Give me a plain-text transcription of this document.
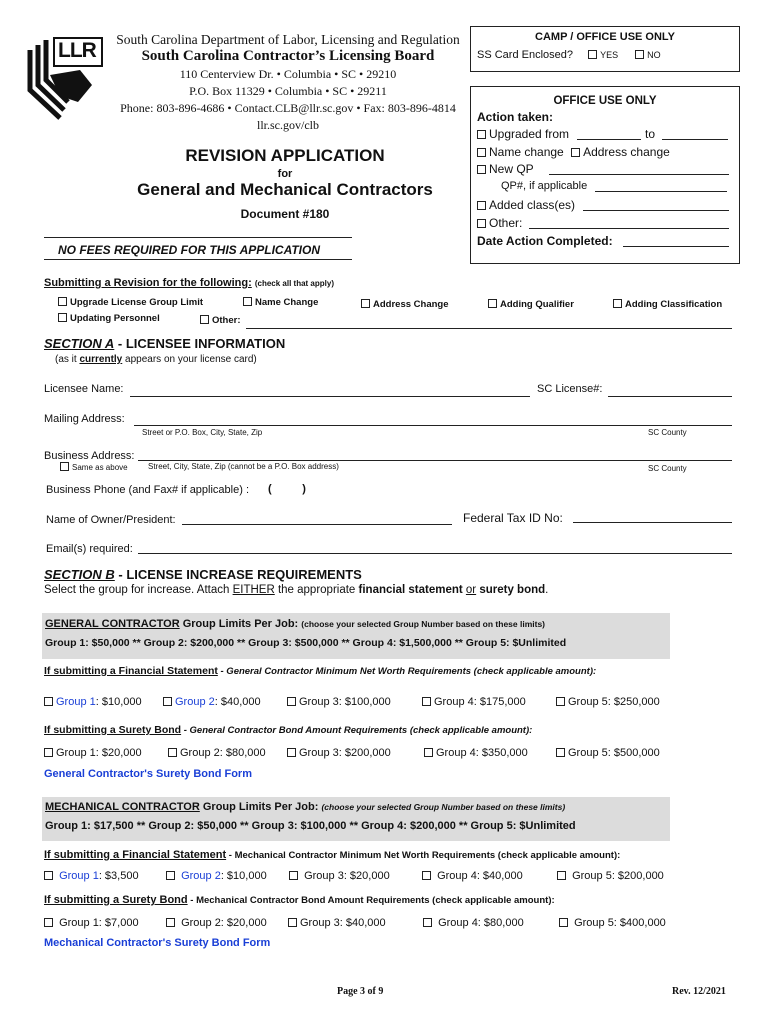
LLR	South Carolina Department of Labor, Licensing and Regulation
South Carolina Contractor’s Licensing Board
110 Centerview Dr. • Columbia • SC • 29210
P.O. Box 11329 • Columbia • SC • 29211
Phone: 803-896-4686 • Contact.CLB@llr.sc.gov • Fax: 803-896-4814
llr.sc.gov/clb
CAMP / OFFICE USE ONLY
SS Card Enclosed?	YES	NO
OFFICE USE ONLY
Action taken:
Upgraded from	to
Name change Address change
New QP
QP#, if applicable
Added class(es)
Other:
Date Action Completed:
REVISION APPLICATION
for
General and Mechanical Contractors
Document #180
NO FEES REQUIRED FOR THIS APPLICATION
Submitting a Revision for the following: (check all that apply)
Upgrade License Group Limit	Name Change	Address Change	Adding Qualifier	Adding Classification
Updating Personnel	Other:
SECTION A - LICENSEE INFORMATION
(as it currently appears on your license card)
Licensee Name:	SC License#:
Mailing Address:
Street or P.O. Box, City, State, Zip	SC County
Business Address:
Same as above	Street, City, State, Zip (cannot be a P.O. Box address)	SC County
Business Phone (and Fax# if applicable) : (          )
Name of Owner/President:	Federal Tax ID No:
Email(s) required:
SECTION B - LICENSE INCREASE REQUIREMENTS
Select the group for increase. Attach EITHER the appropriate financial statement or surety bond.
GENERAL CONTRACTOR Group Limits Per Job: (choose your selected Group Number based on these limits)
Group 1: $50,000 ** Group 2: $200,000 ** Group 3: $500,000 ** Group 4: $1,500,000 ** Group 5: $Unlimited
If submitting a Financial Statement - General Contractor Minimum Net Worth Requirements (check applicable amount):
Group 1: $10,000	Group 2: $40,000	Group 3: $100,000	Group 4: $175,000	Group 5: $250,000
If submitting a Surety Bond - General Contractor Bond Amount Requirements (check applicable amount):
Group 1: $20,000	Group 2: $80,000	Group 3: $200,000	Group 4: $350,000	Group 5: $500,000
General Contractor's Surety Bond Form
MECHANICAL CONTRACTOR Group Limits Per Job: (choose your selected Group Number based on these limits)
Group 1: $17,500 ** Group 2: $50,000 ** Group 3: $100,000 ** Group 4: $200,000 ** Group 5: $Unlimited
If submitting a Financial Statement - Mechanical Contractor Minimum Net Worth Requirements (check applicable amount):
Group 1: $3,500	Group 2: $10,000	Group 3: $20,000	Group 4: $40,000	Group 5: $200,000
If submitting a Surety Bond - Mechanical Contractor Bond Amount Requirements (check applicable amount):
Group 1: $7,000	Group 2: $20,000	Group 3: $40,000	Group 4: $80,000	Group 5: $400,000
Mechanical Contractor's Surety Bond Form
Page 3 of 9	Rev. 12/2021
